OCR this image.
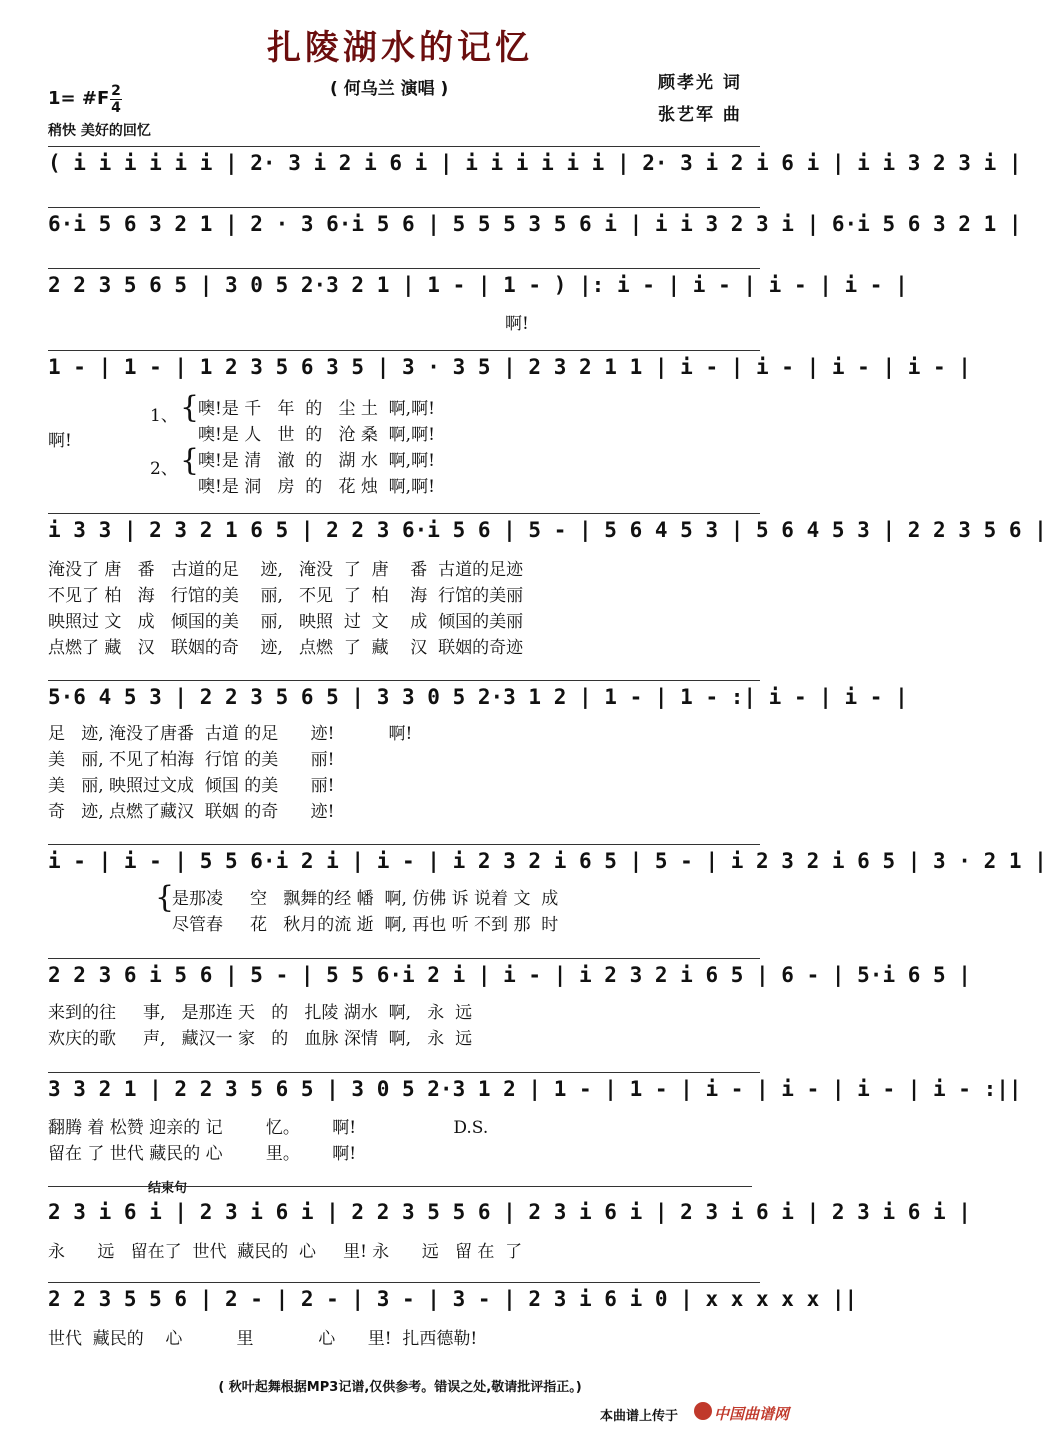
扎陵湖水的记忆
( 何乌兰 演唱 )	顾孝光 词
张艺军 曲
1= #F 2
4
稍快 美好的回忆
( i i i i i i | 2· 3 i 2 i 6 i | i i i i i i | 2· 3 i 2 i 6 i | i i 3 2 3 i |
6·i 5 6 3 2 1 | 2 · 3 6·i 5 6 | 5 5 5 3 5 6 i | i i 3 2 3 i | 6·i 5 6 3 2 1 |
2 2 3 5 6 5 | 3 0 5 2·3 2 1 | 1 - | 1 - ) |: i - | i - | i - | i - |
啊!
1 - | 1 - | 1 2 3 5 6 3 5 | 3 · 3 5 | 2 3 2 1 1 | i - | i - | i - | i - |
啊!
1、 {
噢!是 千   年  的   尘 土  啊,啊!
噢!是 人   世  的   沧 桑  啊,啊!
2、 {
噢!是 清   澈  的   湖 水  啊,啊!
噢!是 洞   房  的   花 烛  啊,啊!
i 3 3 | 2 3 2 1 6 5 | 2 2 3 6·i 5 6 | 5 - | 5 6 4 5 3 | 5 6 4 5 3 | 2 2 3 5 6 |
淹没了 唐   番   古道的足    迹,   淹没  了  唐    番  古道的足迹
不见了 柏   海   行馆的美    丽,   不见  了  柏    海  行馆的美丽
映照过 文   成   倾国的美    丽,   映照  过  文    成  倾国的美丽
点燃了 藏   汉   联姻的奇    迹,   点燃  了  藏    汉  联姻的奇迹
5·6 4 5 3 | 2 2 3 5 6 5 | 3 3 0 5 2·3 1 2 | 1 - | 1 - :| i - | i - |
足   迹, 淹没了唐番  古道 的足      迹!          啊!
美   丽, 不见了柏海  行馆 的美      丽!
美   丽, 映照过文成  倾国 的美      丽!
奇   迹, 点燃了藏汉  联姻 的奇      迹!
i - | i - | 5 5 6·i 2 i | i - | i 2 3 2 i 6 5 | 5 - | i 2 3 2 i 6 5 | 3 · 2 1 |
{
是那凌     空   飘舞的经 幡  啊, 仿佛 诉 说着 文  成
尽管春     花   秋月的流 逝  啊, 再也 听 不到 那  时
2 2 3 6 i 5 6 | 5 - | 5 5 6·i 2 i | i - | i 2 3 2 i 6 5 | 6 - | 5·i 6 5 |
来到的往     事,   是那连 天   的   扎陵 湖水  啊,   永  远
欢庆的歌     声,   藏汉一 家   的   血脉 深情  啊,   永  远
3 3 2 1 | 2 2 3 5 6 5 | 3 0 5 2·3 1 2 | 1 - | 1 - | i - | i - | i - | i - :||
翻腾 着 松赞 迎亲的 记        忆。      啊!                  D.S.
留在 了 世代 藏民的 心        里。      啊!
结束句
2 3 i 6 i | 2 3 i 6 i | 2 2 3 5 5 6 | 2 3 i 6 i | 2 3 i 6 i | 2 3 i 6 i |
永      远   留在了  世代  藏民的  心     里! 永      远   留 在  了
2 2 3 5 5 6 | 2 - | 2 - | 3 - | 3 - | 2 3 i 6 i 0 | x x x x x ||
世代  藏民的    心          里            心      里!  扎西德勒!
( 秋叶起舞根据MP3记谱,仅供参考。错误之处,敬请批评指正。)
本曲谱上传于 中国曲谱网
